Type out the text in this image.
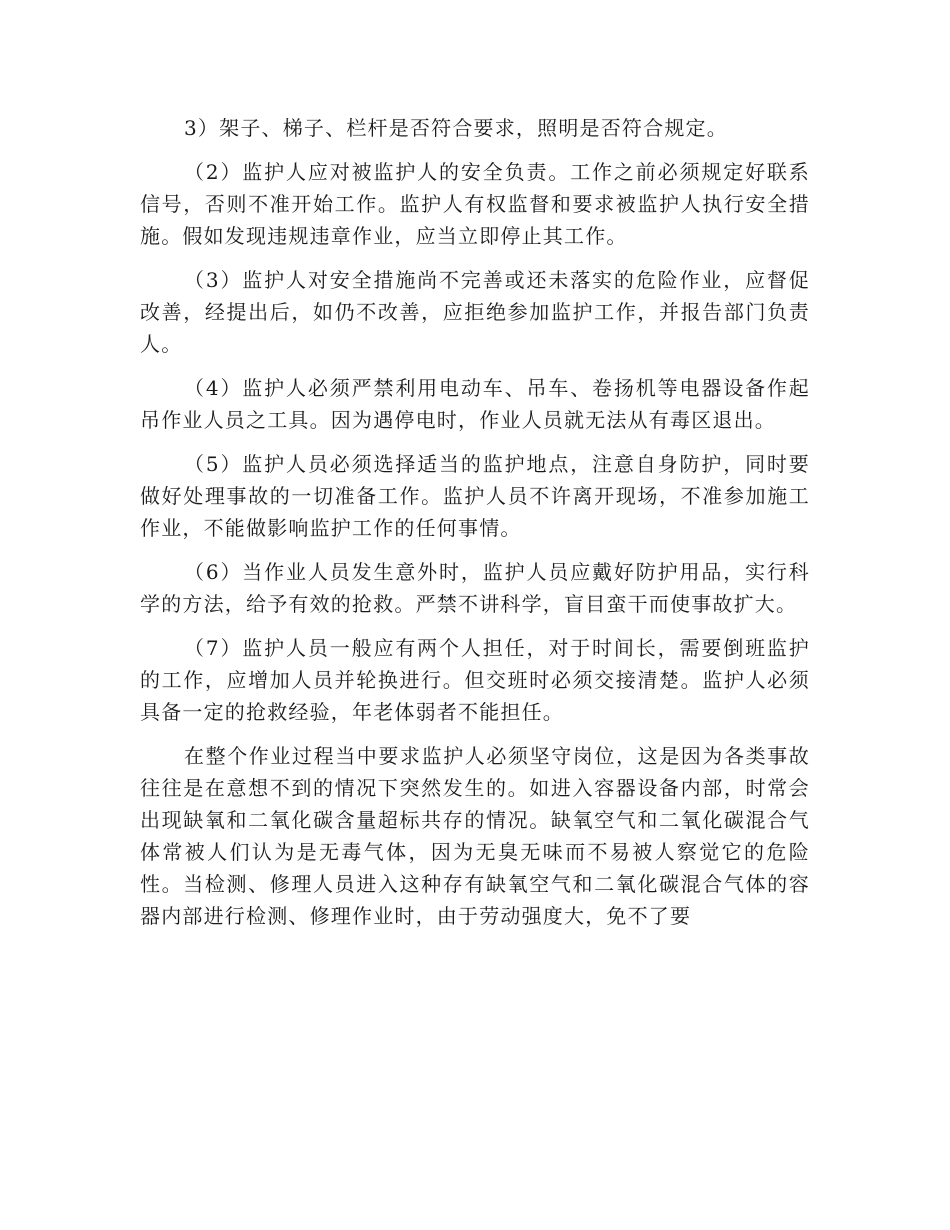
3）架子、梯子、栏杆是否符合要求，照明是否符合规定。

（2）监护人应对被监护人的安全负责。工作之前必须规定好联系信号，否则不准开始工作。监护人有权监督和要求被监护人执行安全措施。假如发现违规违章作业，应当立即停止其工作。

（3）监护人对安全措施尚不完善或还未落实的危险作业，应督促改善，经提出后，如仍不改善，应拒绝参加监护工作，并报告部门负责人。

（4）监护人必须严禁利用电动车、吊车、卷扬机等电器设备作起吊作业人员之工具。因为遇停电时，作业人员就无法从有毒区退出。

（5）监护人员必须选择适当的监护地点，注意自身防护，同时要做好处理事故的一切准备工作。监护人员不许离开现场，不准参加施工作业，不能做影响监护工作的任何事情。

（6）当作业人员发生意外时，监护人员应戴好防护用品，实行科学的方法，给予有效的抢救。严禁不讲科学，盲目蛮干而使事故扩大。

（7）监护人员一般应有两个人担任，对于时间长，需要倒班监护的工作，应增加人员并轮换进行。但交班时必须交接清楚。监护人必须具备一定的抢救经验，年老体弱者不能担任。

在整个作业过程当中要求监护人必须坚守岗位，这是因为各类事故往往是在意想不到的情况下突然发生的。如进入容器设备内部，时常会出现缺氧和二氧化碳含量超标共存的情况。缺氧空气和二氧化碳混合气体常被人们认为是无毒气体，因为无臭无味而不易被人察觉它的危险性。当检测、修理人员进入这种存有缺氧空气和二氧化碳混合气体的容器内部进行检测、修理作业时，由于劳动强度大，免不了要
